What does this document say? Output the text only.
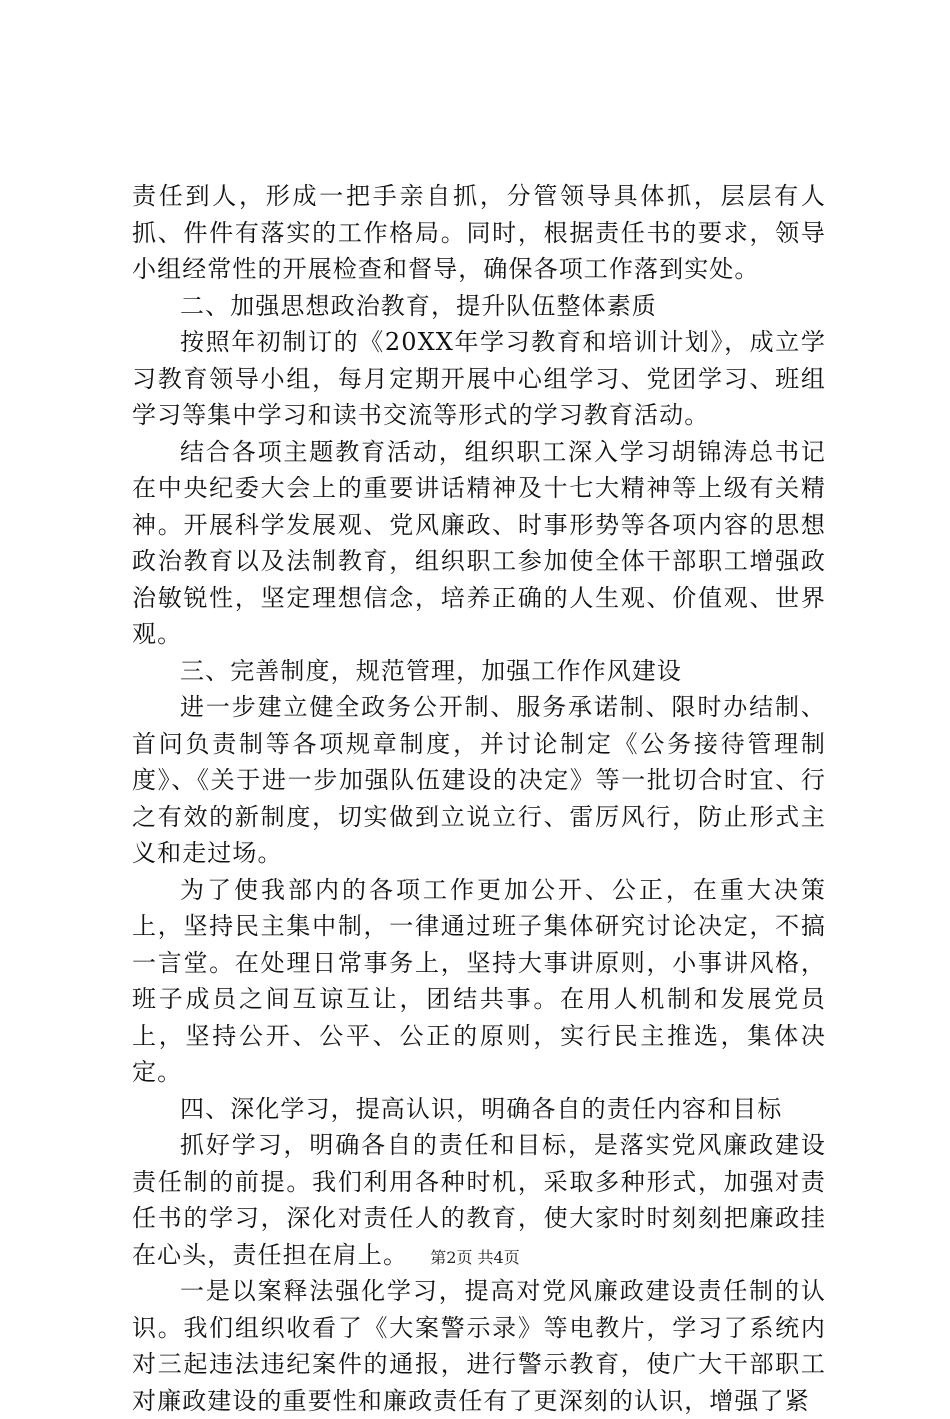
责任到人，形成一把手亲自抓，分管领导具体抓，层层有人抓、件件有落实的工作格局。同时，根据责任书的要求，领导小组经常性的开展检查和督导，确保各项工作落到实处。

二、加强思想政治教育，提升队伍整体素质

按照年初制订的《20XX年学习教育和培训计划》，成立学习教育领导小组，每月定期开展中心组学习、党团学习、班组学习等集中学习和读书交流等形式的学习教育活动。

结合各项主题教育活动，组织职工深入学习胡锦涛总书记在中央纪委大会上的重要讲话精神及十七大精神等上级有关精神。开展科学发展观、党风廉政、时事形势等各项内容的思想政治教育以及法制教育，组织职工参加使全体干部职工增强政治敏锐性，坚定理想信念，培养正确的人生观、价值观、世界观。

三、完善制度，规范管理，加强工作作风建设

进一步建立健全政务公开制、服务承诺制、限时办结制、首问负责制等各项规章制度，并讨论制定《公务接待管理制度》、《关于进一步加强队伍建设的决定》等一批切合时宜、行之有效的新制度，切实做到立说立行、雷厉风行，防止形式主义和走过场。

为了使我部内的各项工作更加公开、公正，在重大决策上，坚持民主集中制，一律通过班子集体研究讨论决定，不搞一言堂。在处理日常事务上，坚持大事讲原则，小事讲风格，班子成员之间互谅互让，团结共事。在用人机制和发展党员上，坚持公开、公平、公正的原则，实行民主推选，集体决定。

四、深化学习，提高认识，明确各自的责任内容和目标

抓好学习，明确各自的责任和目标，是落实党风廉政建设责任制的前提。我们利用各种时机，采取多种形式，加强对责任书的学习，深化对责任人的教育，使大家时时刻刻把廉政挂在心头，责任担在肩上。

一是以案释法强化学习，提高对党风廉政建设责任制的认识。我们组织收看了《大案警示录》等电教片，学习了系统内对三起违法违纪案件的通报，进行警示教育，使广大干部职工对廉政建设的重要性和廉政责任有了更深刻的认识，增强了紧

第2页 共4页
